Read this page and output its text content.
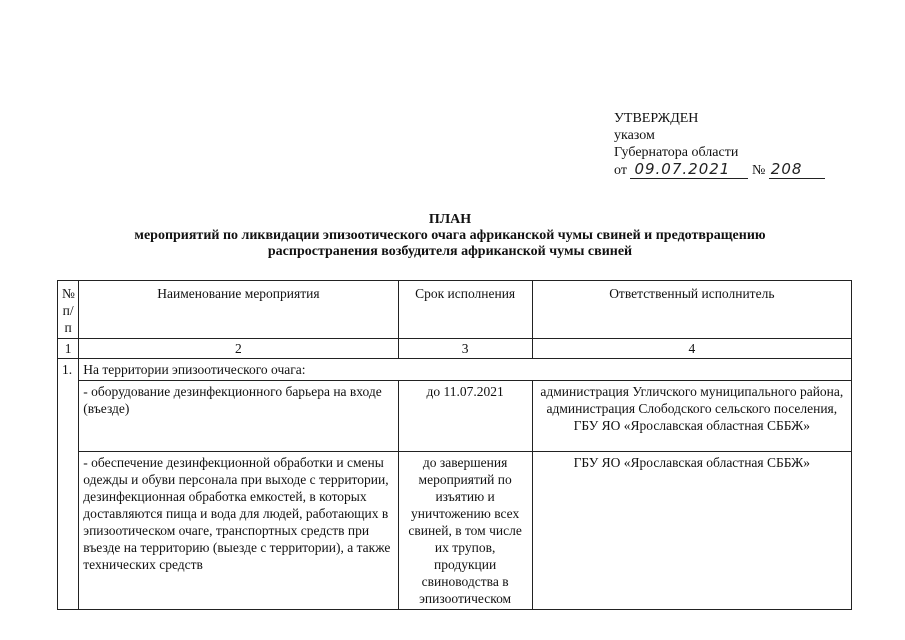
УТВЕРЖДЕН
указом
Губернатора области
от 09.07.2021 № 208
ПЛАН
мероприятий по ликвидации эпизоотического очага африканской чумы свиней и предотвращению
распространения возбудителя африканской чумы свиней
№
п/п	Наименование мероприятия	Срок исполнения	Ответственный исполнитель
1	2	3	4
1.	На территории эпизоотического очага:		
	- оборудование дезинфекционного барьера на входе (въезде)	до 11.07.2021	администрация Угличского муниципального района, администрация Слободского сельского поселения, ГБУ ЯО «Ярославская областная СББЖ»
	- обеспечение дезинфекционной обработки и смены одежды и обуви персонала при выходе с территории, дезинфекционная обработка емкостей, в которых доставляются пища и вода для людей, работающих в эпизоотическом очаге, транспортных средств при въезде на территорию (выезде с территории), а также технических средств	до завершения мероприятий по изъятию и уничтожению всех свиней, в том числе их трупов, продукции свиноводства в эпизоотическом	ГБУ ЯО «Ярославская областная СББЖ»
